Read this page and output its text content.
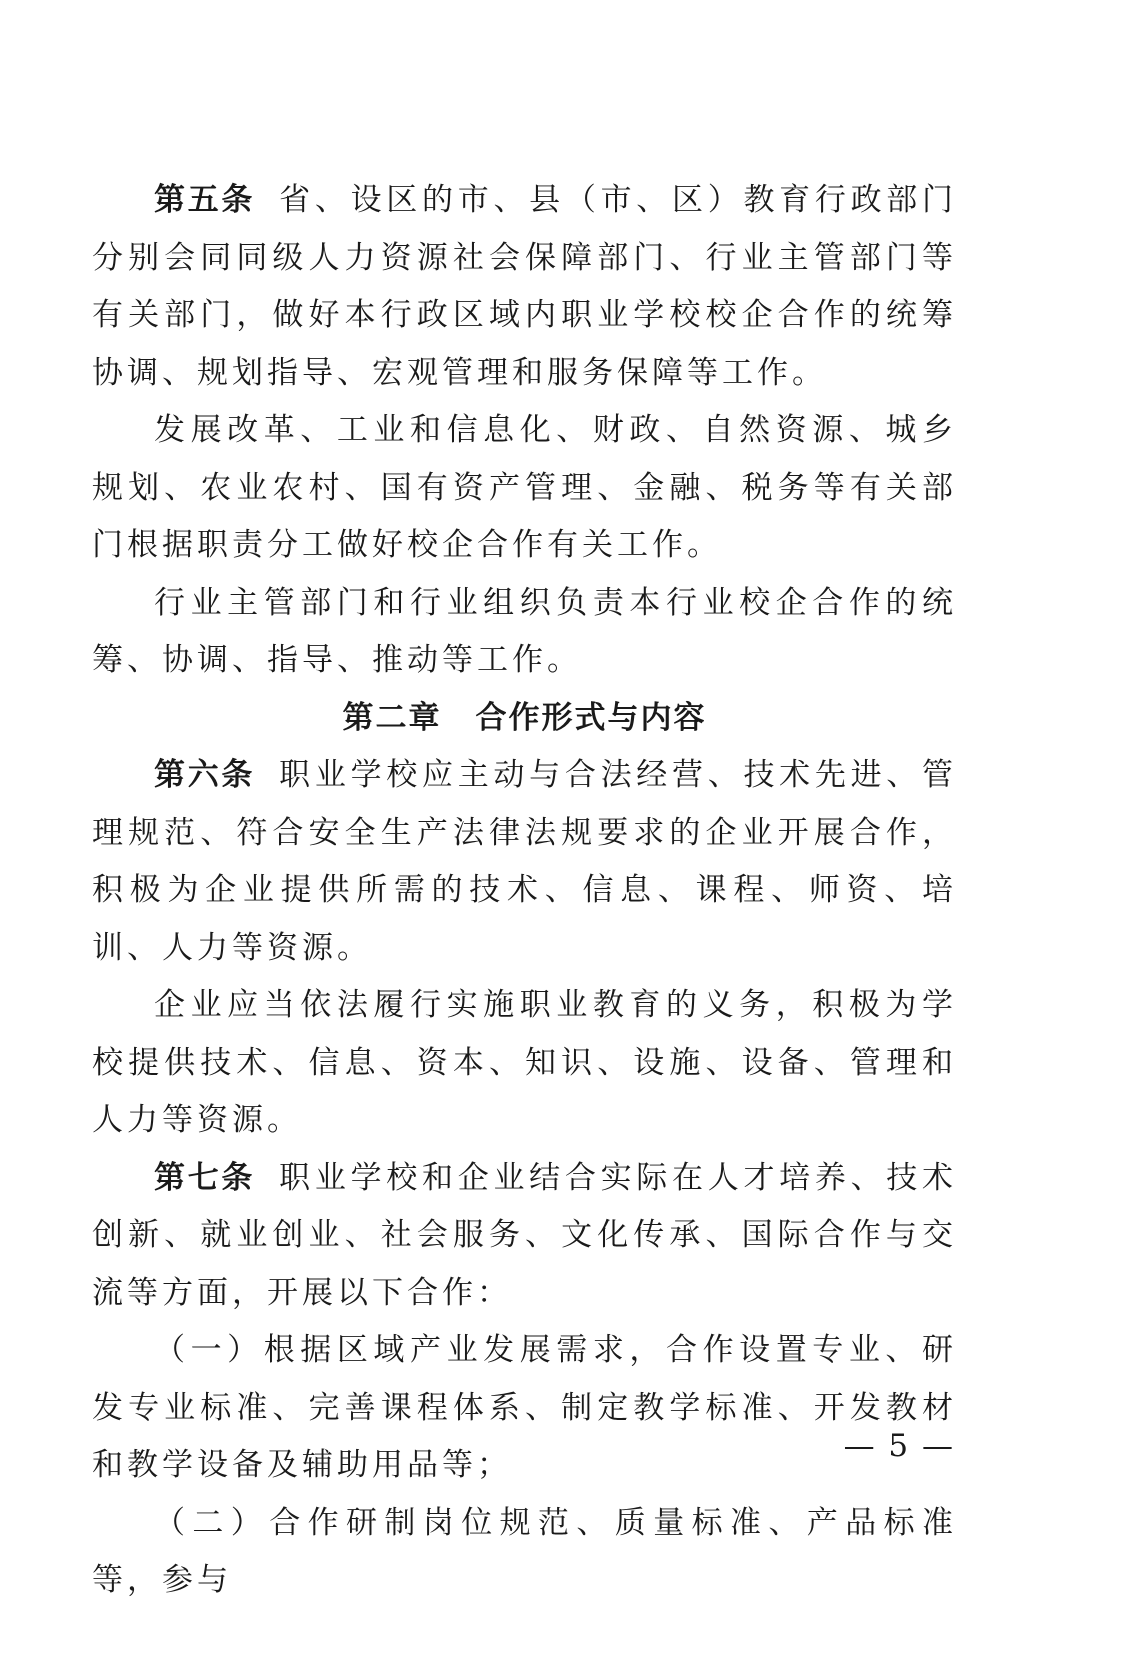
第五条 省、设区的市、县（市、区）教育行政部门分别会同同级人力资源社会保障部门、行业主管部门等有关部门，做好本行政区域内职业学校校企合作的统筹协调、规划指导、宏观管理和服务保障等工作。

发展改革、工业和信息化、财政、自然资源、城乡规划、农业农村、国有资产管理、金融、税务等有关部门根据职责分工做好校企合作有关工作。

行业主管部门和行业组织负责本行业校企合作的统筹、协调、指导、推动等工作。

第二章 合作形式与内容

第六条 职业学校应主动与合法经营、技术先进、管理规范、符合安全生产法律法规要求的企业开展合作，积极为企业提供所需的技术、信息、课程、师资、培训、人力等资源。

企业应当依法履行实施职业教育的义务，积极为学校提供技术、信息、资本、知识、设施、设备、管理和人力等资源。

第七条 职业学校和企业结合实际在人才培养、技术创新、就业创业、社会服务、文化传承、国际合作与交流等方面，开展以下合作：

（一）根据区域产业发展需求，合作设置专业、研发专业标准、完善课程体系、制定教学标准、开发教材和教学设备及辅助用品等；

（二）合作研制岗位规范、质量标准、产品标准等，参与

— 5 —
